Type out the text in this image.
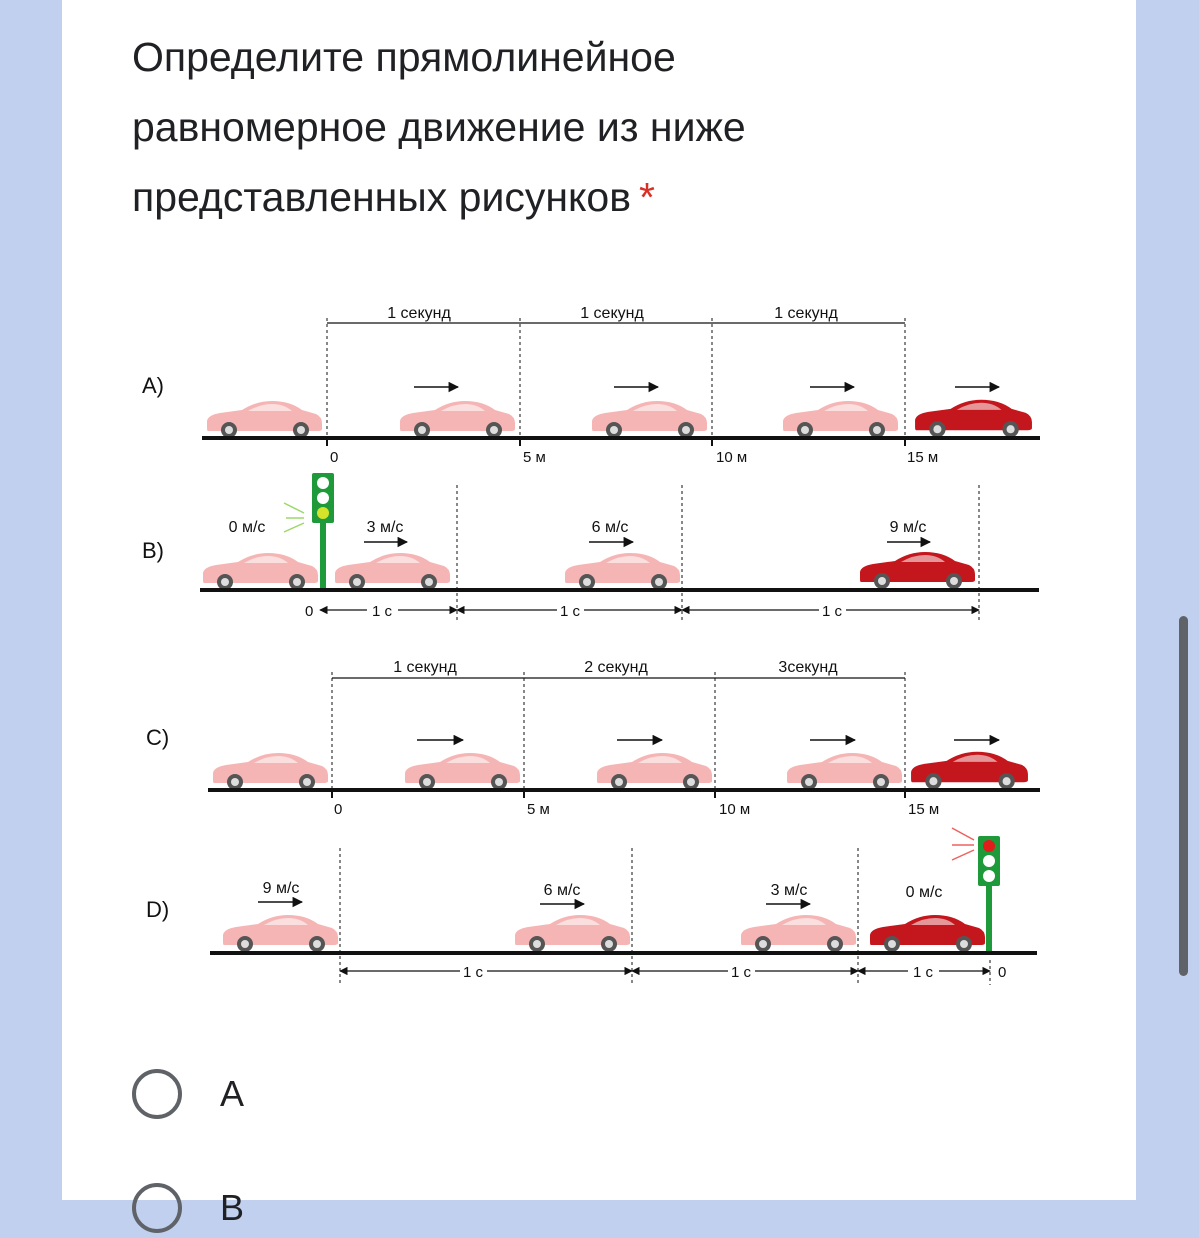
Определите прямолинейное равномерное движение из ниже представленных рисунков *
A)
1 секунд	1 секунд	1 секунд
0	5 м	10 м	15 м
B)
0 м/с	3 м/с	6 м/с	9 м/с
0	1 с	1 с	1 с
C)
1 секунд	2 секунд	3секунд
0	5 м	10 м	15 м
D)
9 м/с	6 м/с	3 м/с	0 м/с
1 с	1 с	1 с	0
A
B
